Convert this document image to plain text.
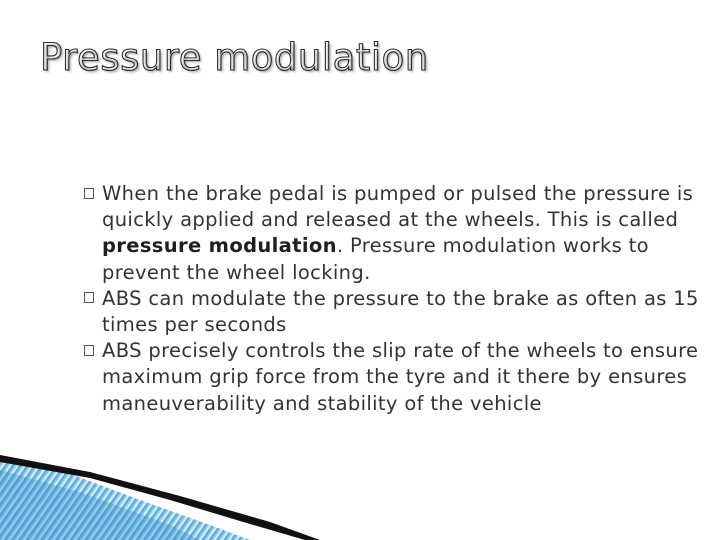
Pressure modulation
When the brake pedal is pumped or pulsed the pressure is quickly applied and released at the wheels. This is called pressure modulation. Pressure modulation works to prevent the wheel locking.
ABS can modulate the pressure to the brake as often as 15 times per seconds
ABS precisely controls the slip rate of the wheels to ensure maximum grip force from the tyre and it there by ensures maneuverability and stability of the vehicle
